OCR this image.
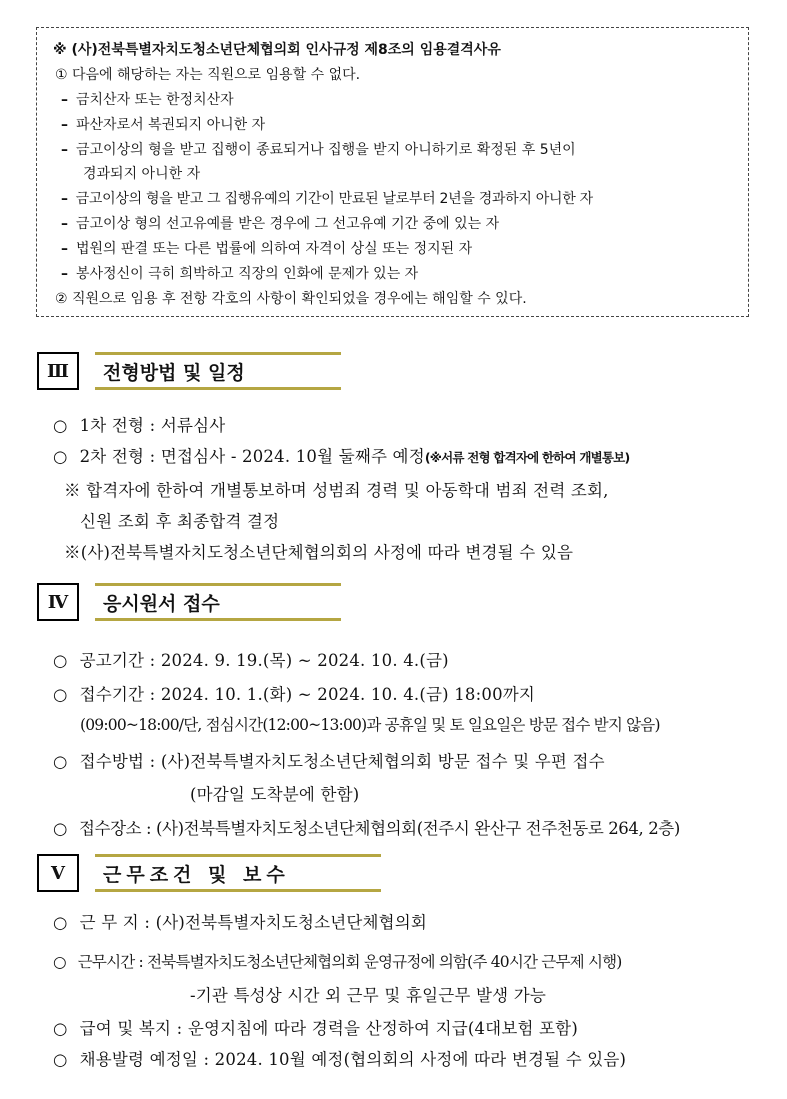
※ (사)전북특별자치도청소년단체협의회 인사규정 제8조의 임용결격사유
① 다음에 해당하는 자는 직원으로 임용할 수 없다.
– 금치산자 또는 한정치산자
– 파산자로서 복권되지 아니한 자
– 금고이상의 형을 받고 집행이 종료되거나 집행을 받지 아니하기로 확정된 후 5년이
경과되지 아니한 자
– 금고이상의 형을 받고 그 집행유예의 기간이 만료된 날로부터 2년을 경과하지 아니한 자
– 금고이상 형의 선고유예를 받은 경우에 그 선고유예 기간 중에 있는 자
– 법원의 판결 또는 다른 법률에 의하여 자격이 상실 또는 정지된 자
– 봉사정신이 극히 희박하고 직장의 인화에 문제가 있는 자
② 직원으로 임용 후 전항 각호의 사항이 확인되었을 경우에는 해임할 수 있다.
Ⅲ	전형방법 및 일정
○ 1차 전형 : 서류심사
○ 2차 전형 : 면접심사 - 2024. 10월 둘째주 예정(※서류 전형 합격자에 한하여 개별통보)
※ 합격자에 한하여 개별통보하며 성범죄 경력 및 아동학대 범죄 전력 조회,
신원 조회 후 최종합격 결정
※(사)전북특별자치도청소년단체협의회의 사정에 따라 변경될 수 있음
Ⅳ	응시원서 접수
○ 공고기간 : 2024. 9. 19.(목) ~ 2024. 10. 4.(금)
○ 접수기간 : 2024. 10. 1.(화) ~ 2024. 10. 4.(금) 18:00까지
(09:00~18:00/단, 점심시간(12:00~13:00)과 공휴일 및 토 일요일은 방문 접수 받지 않음)
○ 접수방법 : (사)전북특별자치도청소년단체협의회 방문 접수 및 우편 접수
(마감일 도착분에 한함)
○ 접수장소 : (사)전북특별자치도청소년단체협의회(전주시 완산구 전주천동로 264, 2층)
Ⅴ	근무조건 및 보수
○ 근 무 지 : (사)전북특별자치도청소년단체협의회
○ 근무시간 : 전북특별자치도청소년단체협의회 운영규정에 의함(주 40시간 근무제 시행)
-기관 특성상 시간 외 근무 및 휴일근무 발생 가능
○ 급여 및 복지 : 운영지침에 따라 경력을 산정하여 지급(4대보험 포함)
○ 채용발령 예정일 : 2024. 10월 예정(협의회의 사정에 따라 변경될 수 있음)
